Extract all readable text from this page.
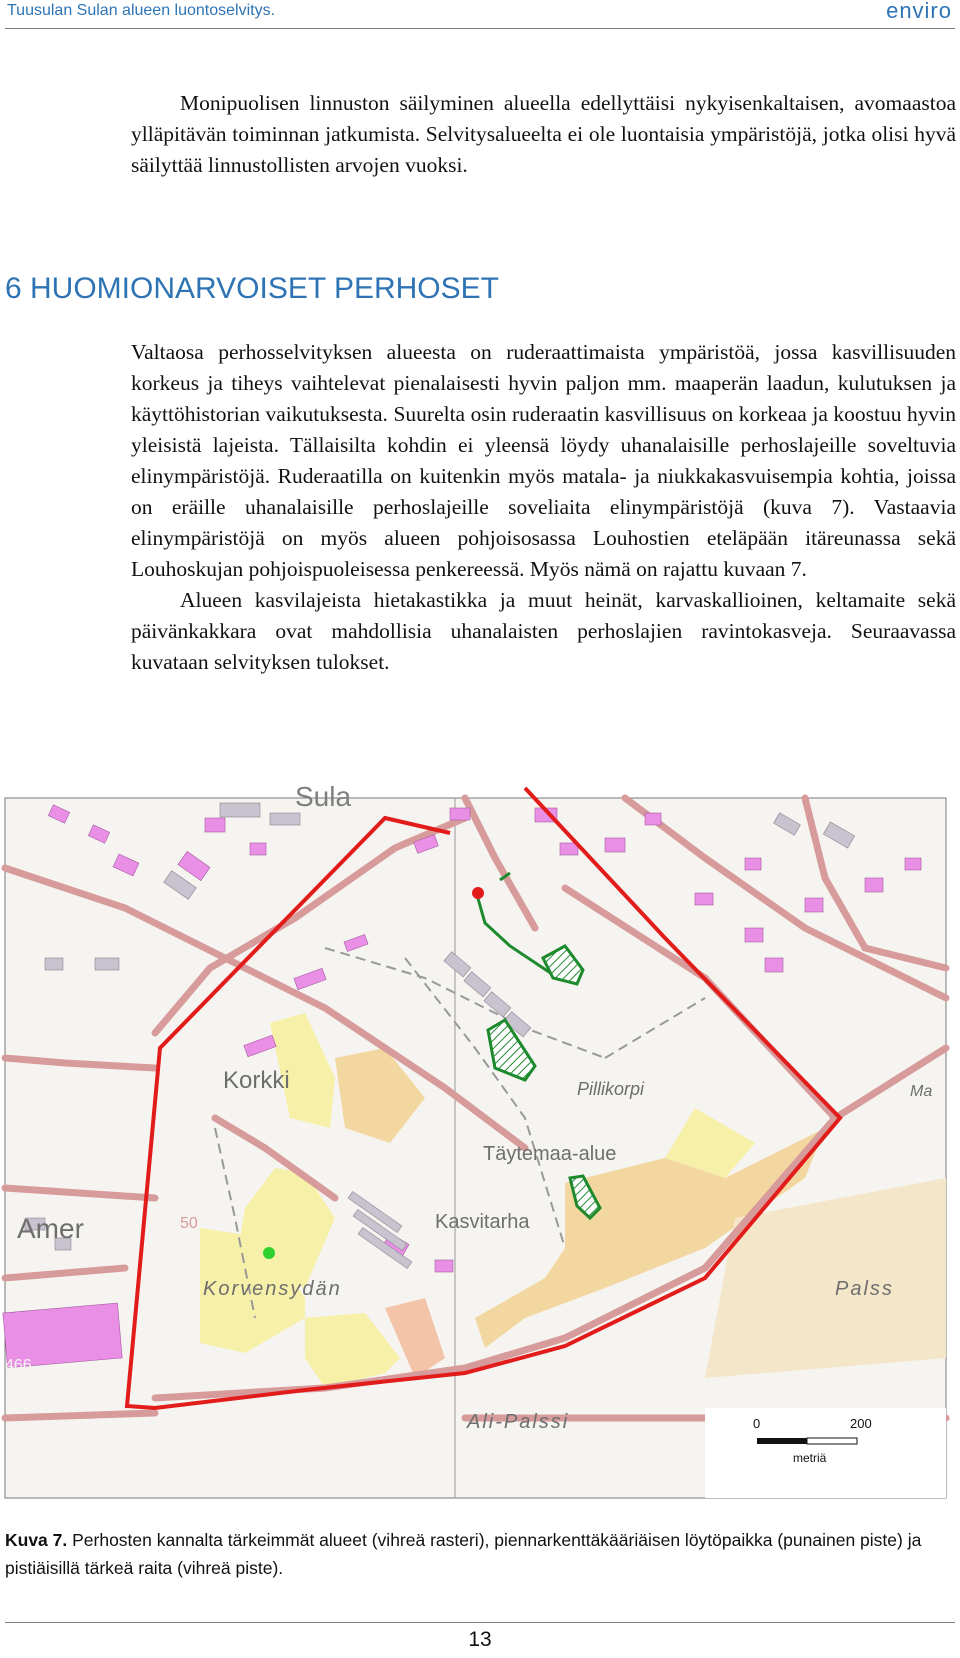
Tuusulan Sulan alueen luontoselvitys.	enviro

Monipuolisen linnuston säilyminen alueella edellyttäisi nykyisenkaltaisen, avomaastoa ylläpitävän toiminnan jatkumista. Selvitysalueelta ei ole luontaisia ympäristöjä, jotka olisi hyvä säilyttää linnustollisten arvojen vuoksi.

6 HUOMIONARVOISET PERHOSET

Valtaosa perhosselvityksen alueesta on ruderaattimaista ympäristöä, jossa kasvillisuuden korkeus ja tiheys vaihtelevat pienalaisesti hyvin paljon mm. maaperän laadun, kulutuksen ja käyttöhistorian vaikutuksesta. Suurelta osin ruderaatin kasvillisuus on korkeaa ja koostuu hyvin yleisistä lajeista. Tällaisilta kohdin ei yleensä löydy uhanalaisille perhoslajeille soveltuvia elinympäristöjä. Ruderaatilla on kuitenkin myös matala- ja niukkakasvuisempia kohtia, joissa on eräille uhanalaisille perhoslajeille soveliaita elinympäristöjä (kuva 7). Vastaavia elinympäristöjä on myös alueen pohjoisosassa Louhostien eteläpään itäreunassa sekä Louhoskujan pohjoispuoleisessa penkereessä. Myös nämä on rajattu kuvaan 7.

Alueen kasvilajeista hietakastikka ja muut heinät, karvaskallioinen, keltamaite sekä päivänkakkara ovat mahdollisia uhanalaisten perhoslajien ravintokasveja. Seuraavassa kuvataan selvityksen tulokset.

Sula
Korkki
Amer
Korvensydän
Pillikorpi
Täytemaa-alue
Kasvitarha
Palss
Ali-Palssi
Ma
50
466
0	200
metriä
Kuva 7. Perhosten kannalta tärkeimmät alueet (vihreä rasteri), piennarkenttäkääriäisen löytöpaikka (punainen piste) ja pistiäisillä tärkeä raita (vihreä piste).
13
